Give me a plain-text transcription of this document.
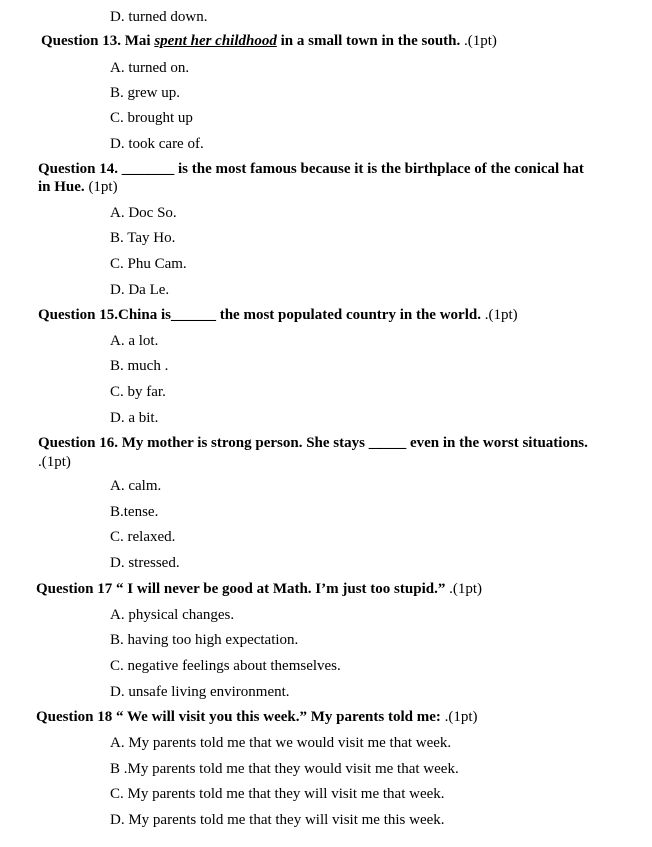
D. turned down.
Question 13. Mai spent her childhood in a small town in the south. .(1pt)
A. turned on.
B. grew up.
C. brought up
D. took care of.
Question 14. _______ is the most famous because it is the birthplace of the conical hat
in Hue. (1pt)
A. Doc So.
B. Tay Ho.
C. Phu Cam.
D. Da Le.
Question 15.China is______ the most populated country in the world. .(1pt)
A. a lot.
B. much .
C. by far.
D. a bit.
Question 16. My mother is strong person. She stays _____ even in the worst situations.
.(1pt)
A. calm.
B.tense.
C. relaxed.
D. stressed.
Question 17 “ I will never be good at Math. I’m just too stupid.” .(1pt)
A. physical changes.
B. having too high expectation.
C. negative feelings about themselves.
D. unsafe living environment.
Question 18 “ We will visit you this week.” My parents told me: .(1pt)
A. My parents told me that we would visit me that week.
B .My parents told me that they would visit me that week.
C. My parents told me that they will visit me that week.
D. My parents told me that they will visit me this week.
